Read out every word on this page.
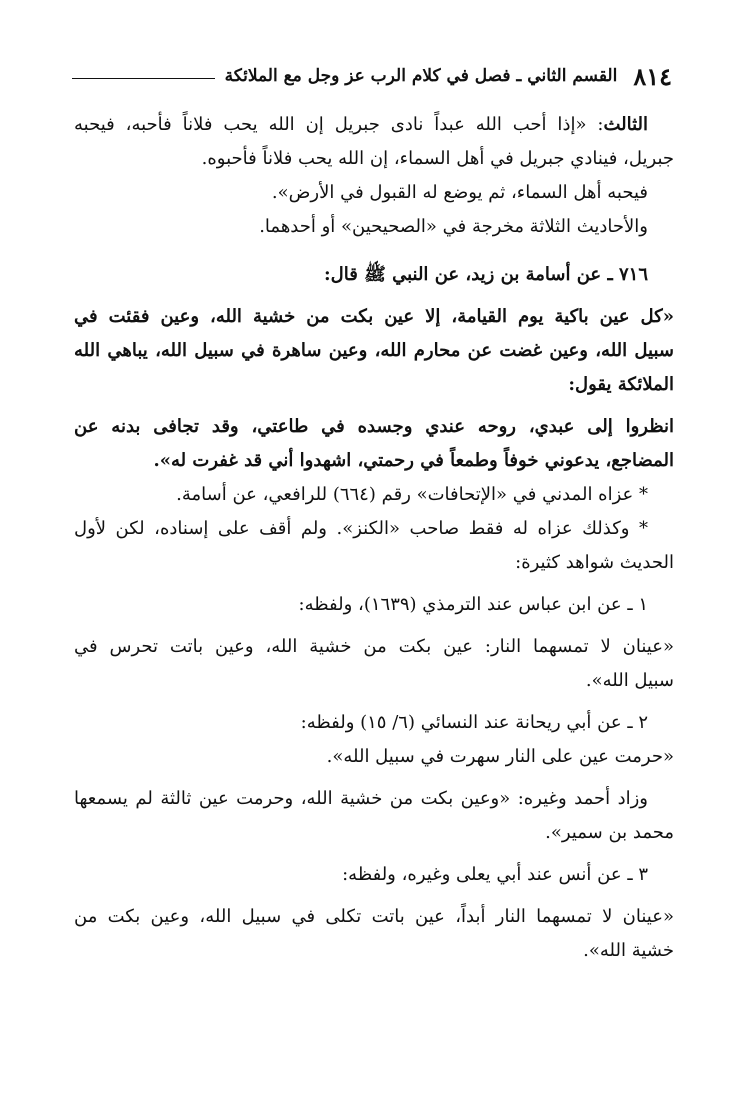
٨١٤
القسم الثاني ـ فصل في كلام الرب عز وجل مع الملائكة
الثالث: «إذا أحب الله عبداً نادى جبريل إن الله يحب فلاناً فأحبه، فيحبه
جبريل، فينادي جبريل في أهل السماء، إن الله يحب فلاناً فأحبوه.
فيحبه أهل السماء، ثم يوضع له القبول في الأرض».
والأحاديث الثلاثة مخرجة في «الصحيحين» أو أحدهما.
٧١٦ ـ عن أسامة بن زيد، عن النبي ﷺ قال:
«كل عين باكية يوم القيامة، إلا عين بكت من خشية الله، وعين فقئت في
سبيل الله، وعين غضت عن محارم الله، وعين ساهرة في سبيل الله، يباهي الله
الملائكة يقول:
انظروا إلى عبدي، روحه عندي وجسده في طاعتي، وقد تجافى بدنه عن
المضاجع، يدعوني خوفاً وطمعاً في رحمتي، اشهدوا أني قد غفرت له».
* عزاه المدني في «الإتحافات» رقم (٦٦٤) للرافعي، عن أسامة.
* وكذلك عزاه له فقط صاحب «الكنز». ولم أقف على إسناده، لكن لأول
الحديث شواهد كثيرة:
١ ـ عن ابن عباس عند الترمذي (١٦٣٩)، ولفظه:
«عينان لا تمسهما النار: عين بكت من خشية الله، وعين باتت تحرس في
سبيل الله».
٢ ـ عن أبي ريحانة عند النسائي (٦/ ١٥) ولفظه:
«حرمت عين على النار سهرت في سبيل الله».
وزاد أحمد وغيره: «وعين بكت من خشية الله، وحرمت عين ثالثة لم يسمعها
محمد بن سمير».
٣ ـ عن أنس عند أبي يعلى وغيره، ولفظه:
«عينان لا تمسهما النار أبداً، عين باتت تكلى في سبيل الله، وعين بكت من
خشية الله».
